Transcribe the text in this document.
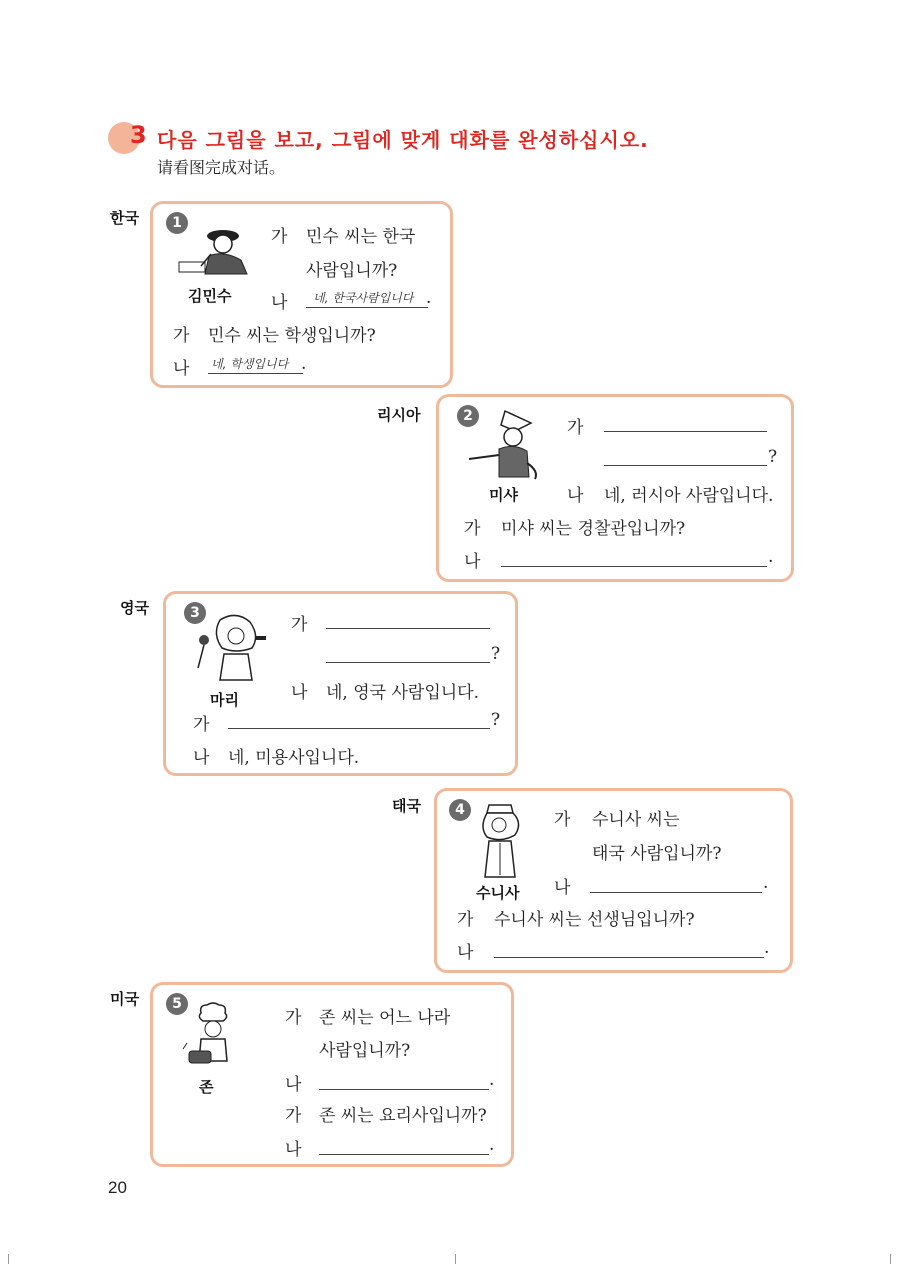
3 다음 그림을 보고, 그림에 맞게 대화를 완성하십시오.
请看图完成对话。
한국	1
김민수
가 민수 씨는 한국
사람입니까?
나 네, 한국사람입니다 .
가 민수 씨는 학생입니까?
나 네, 학생입니다 .
리시아	2
미샤
가
?
나 네, 러시아 사람입니다.
가 미샤 씨는 경찰관입니까?
나	.
영국	3
마리
가
?
나 네, 영국 사람입니다.
가	?
나 네, 미용사입니다.
태국	4
수니사
가 수니사 씨는
태국 사람입니까?
나	.
가 수니사 씨는 선생님입니까?
나	.
미국	5
존
가 존 씨는 어느 나라
사람입니까?
나	.
가 존 씨는 요리사입니까?
나	.
20
